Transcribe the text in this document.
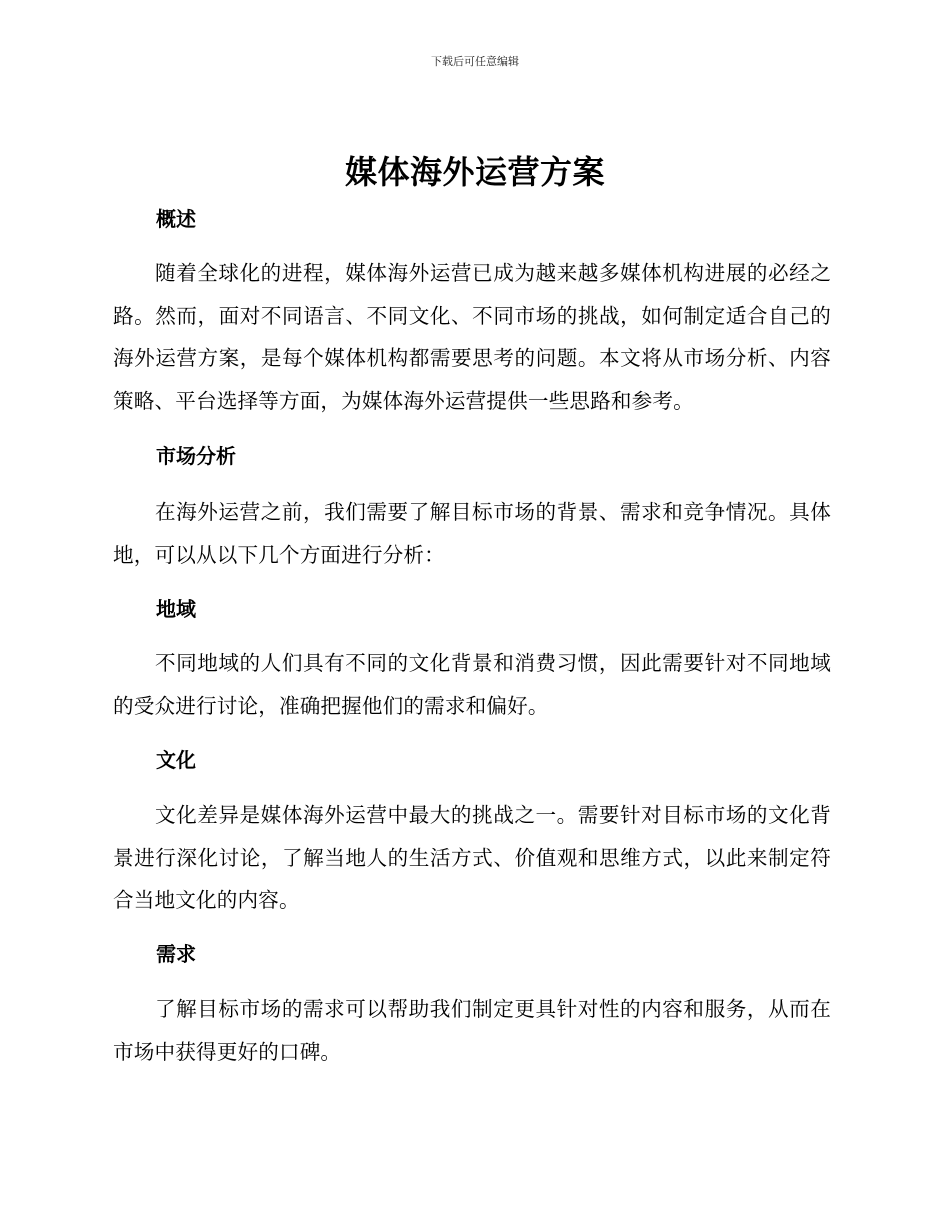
下载后可任意编辑
媒体海外运营方案
概述

随着全球化的进程，媒体海外运营已成为越来越多媒体机构进展的必经之路。然而，面对不同语言、不同文化、不同市场的挑战，如何制定适合自己的海外运营方案，是每个媒体机构都需要思考的问题。本文将从市场分析、内容策略、平台选择等方面，为媒体海外运营提供一些思路和参考。

市场分析

在海外运营之前，我们需要了解目标市场的背景、需求和竞争情况。具体地，可以从以下几个方面进行分析：

地域

不同地域的人们具有不同的文化背景和消费习惯，因此需要针对不同地域的受众进行讨论，准确把握他们的需求和偏好。

文化

文化差异是媒体海外运营中最大的挑战之一。需要针对目标市场的文化背景进行深化讨论，了解当地人的生活方式、价值观和思维方式，以此来制定符合当地文化的内容。

需求

了解目标市场的需求可以帮助我们制定更具针对性的内容和服务，从而在市场中获得更好的口碑。
